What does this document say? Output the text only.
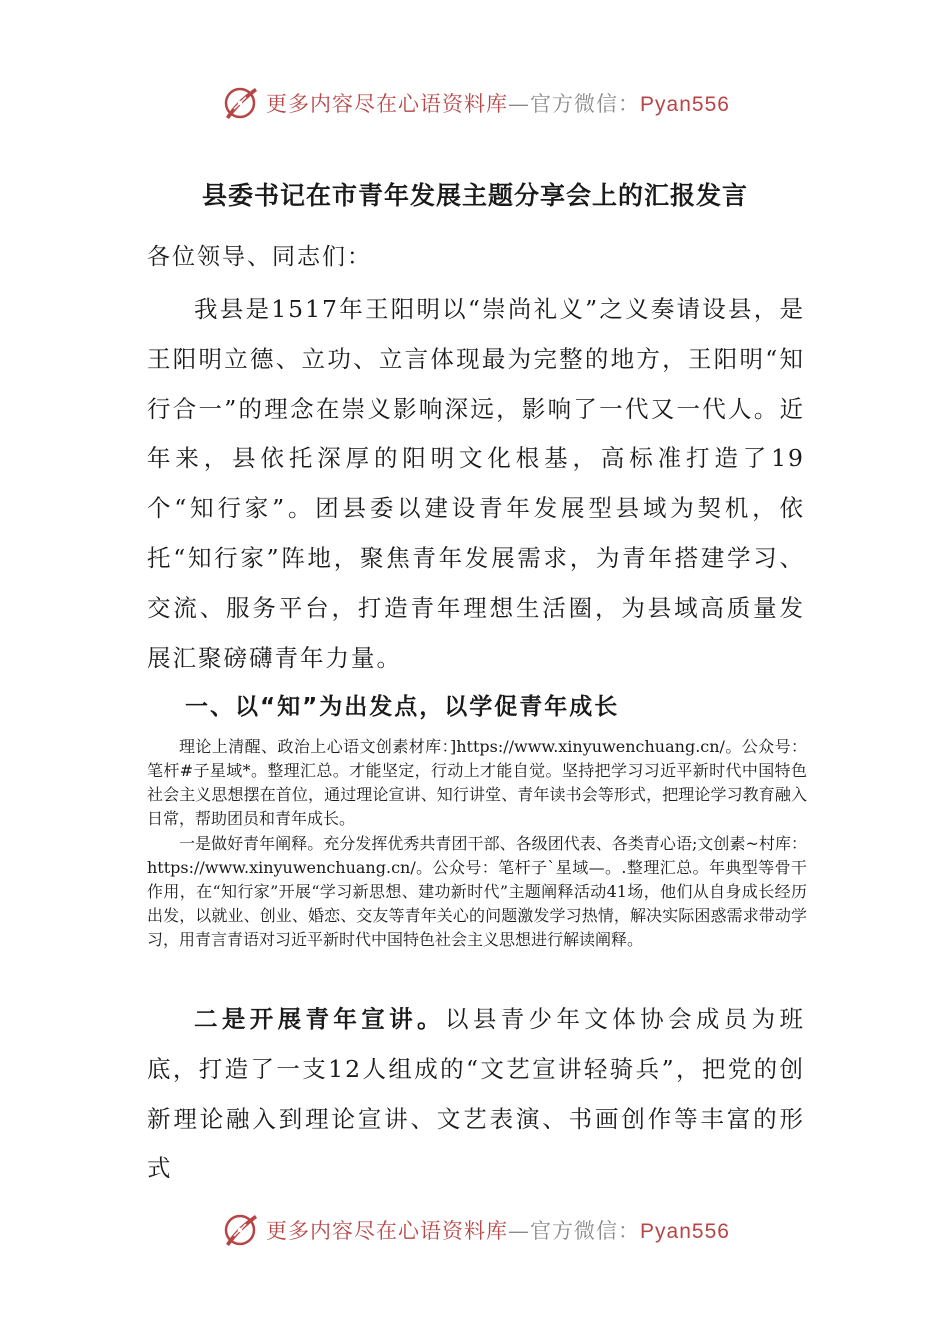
更多内容尽在心语资料库—官方微信：Pyan556
县委书记在市青年发展主题分享会上的汇报发言
各位领导、同志们：
我县是1517年王阳明以“崇尚礼义”之义奏请设县，是王阳明立德、立功、立言体现最为完整的地方，王阳明“知行合一”的理念在崇义影响深远，影响了一代又一代人。近年来，县依托深厚的阳明文化根基，高标准打造了19个“知行家”。团县委以建设青年发展型县域为契机，依托“知行家”阵地，聚焦青年发展需求，为青年搭建学习、交流、服务平台，打造青年理想生活圈，为县域高质量发展汇聚磅礴青年力量。
一、以“知”为出发点，以学促青年成长
理论上清醒、政治上心语文创素材库：]https://www.xinyuwenchuang.cn/。公众号：笔杆#子星域*。整理汇总。才能坚定，行动上才能自觉。坚持把学习习近平新时代中国特色社会主义思想摆在首位，通过理论宣讲、知行讲堂、青年读书会等形式，把理论学习教育融入日常，帮助团员和青年成长。
一是做好青年阐释。充分发挥优秀共青团干部、各级团代表、各类青心语;文创素~村库：https://www.xinyuwenchuang.cn/。公众号：笔杆子`星域—。.整理汇总。年典型等骨干作用，在“知行家”开展“学习新思想、建功新时代”主题阐释活动41场，他们从自身成长经历出发，以就业、创业、婚恋、交友等青年关心的问题激发学习热情，解决实际困惑需求带动学习，用青言青语对习近平新时代中国特色社会主义思想进行解读阐释。
二是开展青年宣讲。以县青少年文体协会成员为班底，打造了一支12人组成的“文艺宣讲轻骑兵”，把党的创新理论融入到理论宣讲、文艺表演、书画创作等丰富的形式
更多内容尽在心语资料库—官方微信：Pyan556
